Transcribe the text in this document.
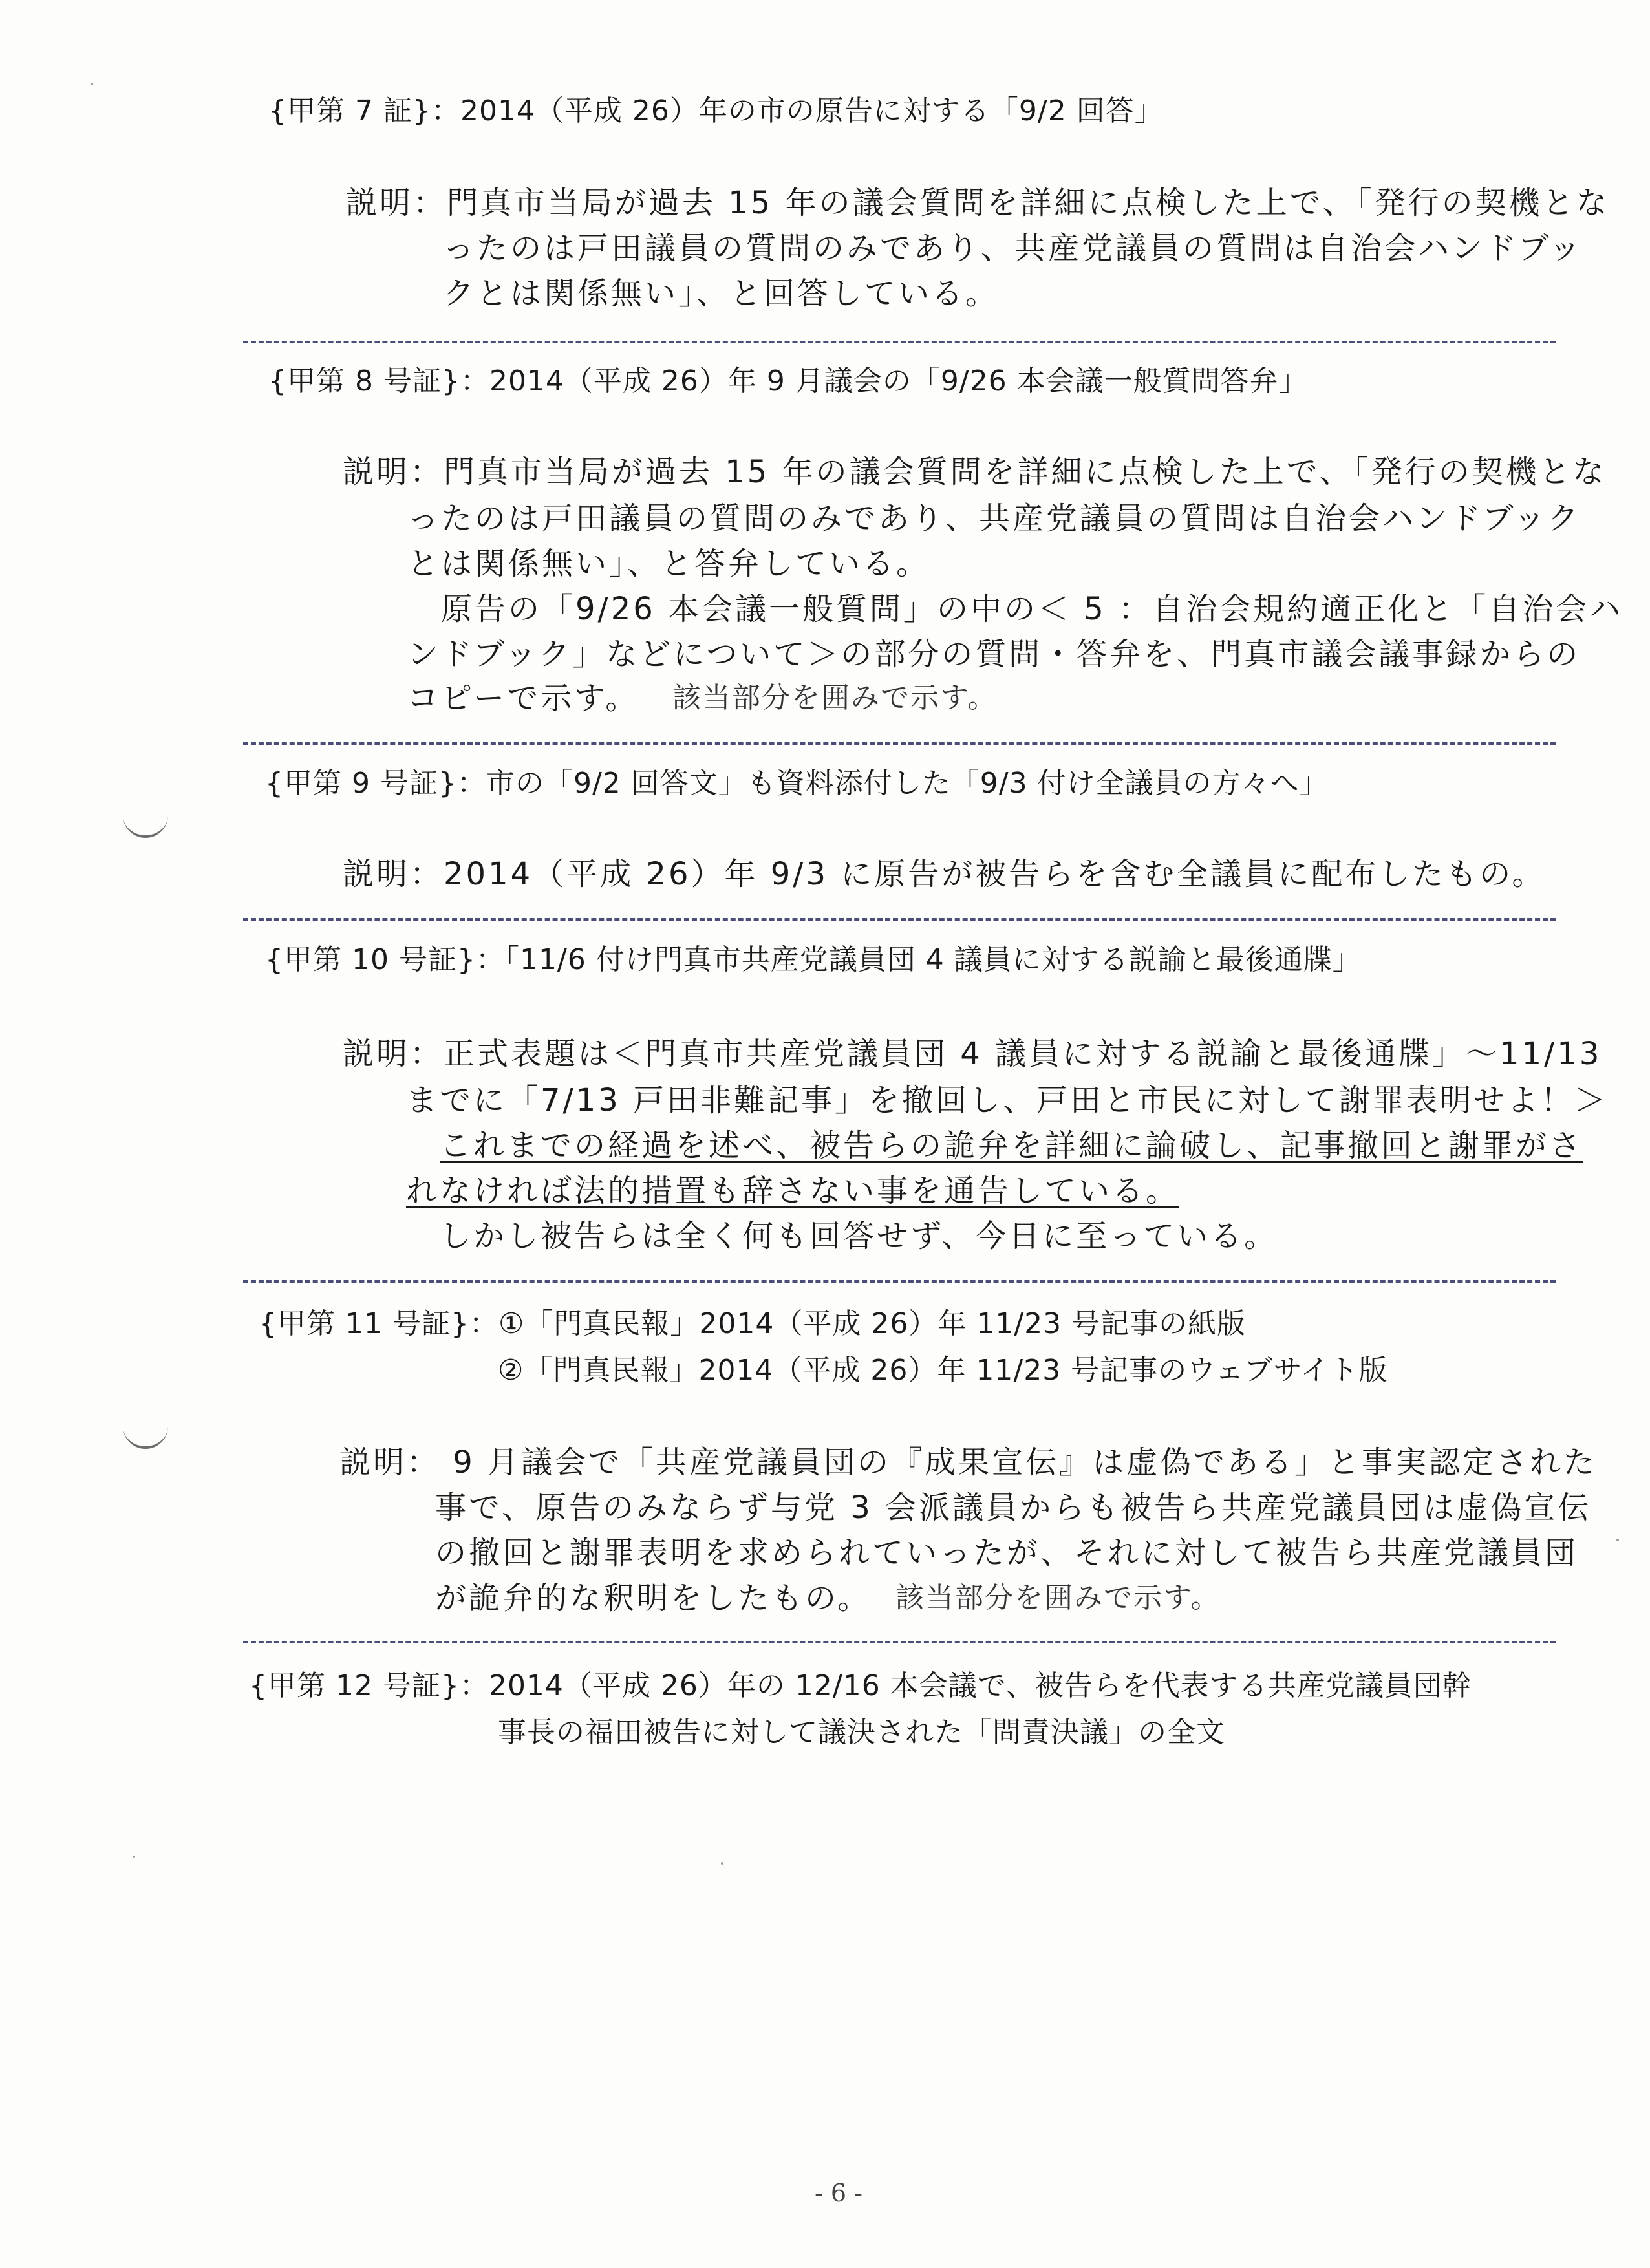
{甲第 7 証}：2014（平成 26）年の市の原告に対する「9/2 回答」
説明：門真市当局が過去 15 年の議会質問を詳細に点検した上で、「発行の契機とな
ったのは戸田議員の質問のみであり、共産党議員の質問は自治会ハンドブッ
クとは関係無い」、と回答している。
{甲第 8 号証}：2014（平成 26）年 9 月議会の「9/26 本会議一般質問答弁」
説明：門真市当局が過去 15 年の議会質問を詳細に点検した上で、「発行の契機とな
ったのは戸田議員の質問のみであり、共産党議員の質問は自治会ハンドブック
とは関係無い」、と答弁している。
原告の「9/26 本会議一般質問」の中の＜ 5 ：自治会規約適正化と「自治会ハ
ンドブック」などについて＞の部分の質問・答弁を、門真市議会議事録からの
コピーで示す。 該当部分を囲みで示す。
{甲第 9 号証}：市の「9/2 回答文」も資料添付した「9/3 付け全議員の方々へ」
説明：2014（平成 26）年 9/3 に原告が被告らを含む全議員に配布したもの。
{甲第 10 号証}：「11/6 付け門真市共産党議員団 4 議員に対する説諭と最後通牒」
説明：正式表題は＜門真市共産党議員団 4 議員に対する説諭と最後通牒」～11/13
までに「7/13 戸田非難記事」を撤回し、戸田と市民に対して謝罪表明せよ！＞
これまでの経過を述べ、被告らの詭弁を詳細に論破し、記事撤回と謝罪がさ
れなければ法的措置も辞さない事を通告している。
しかし被告らは全く何も回答せず、今日に至っている。
{甲第 11 号証}：①「門真民報」2014（平成 26）年 11/23 号記事の紙版
②「門真民報」2014（平成 26）年 11/23 号記事のウェブサイト版
説明： 9 月議会で「共産党議員団の『成果宣伝』は虚偽である」と事実認定された
事で、原告のみならず与党 3 会派議員からも被告ら共産党議員団は虚偽宣伝
の撤回と謝罪表明を求められていったが、それに対して被告ら共産党議員団
が詭弁的な釈明をしたもの。 該当部分を囲みで示す。
{甲第 12 号証}：2014（平成 26）年の 12/16 本会議で、被告らを代表する共産党議員団幹
事長の福田被告に対して議決された「問責決議」の全文
- 6 -
